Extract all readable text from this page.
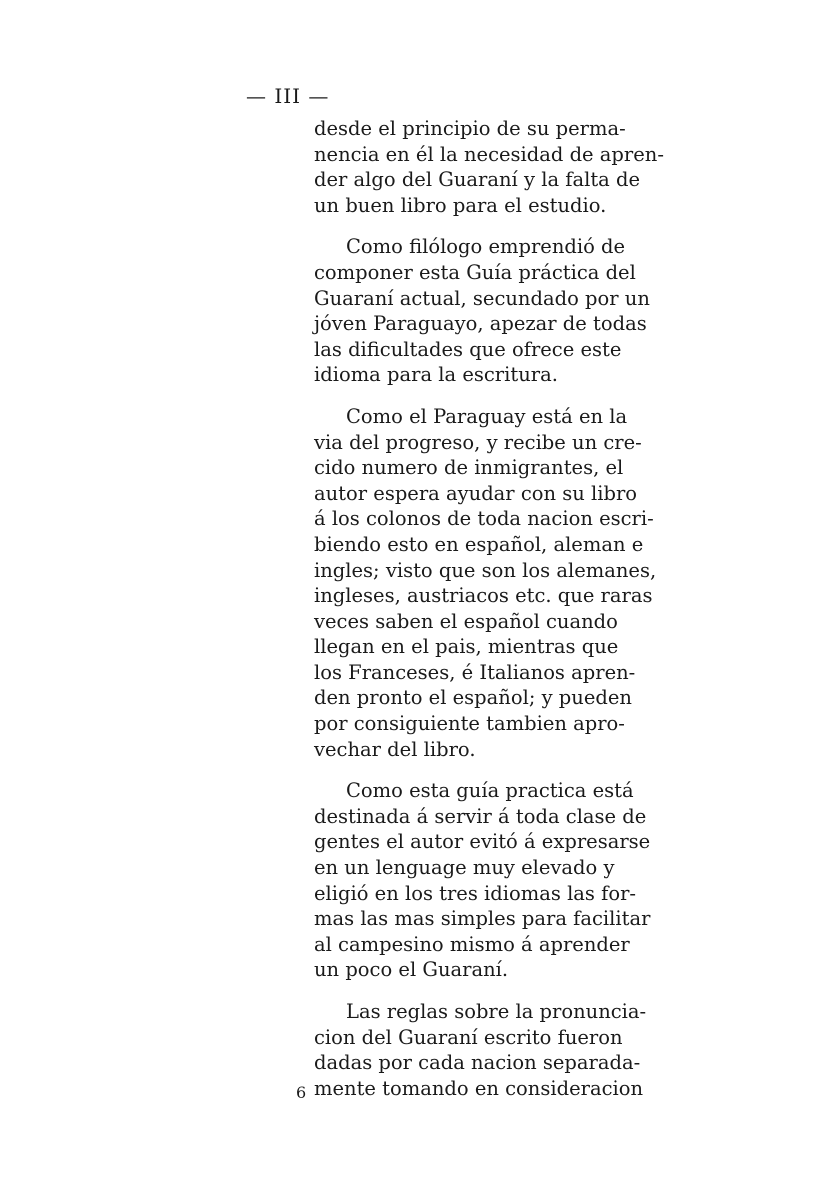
— III —

desde el principio de su perma-
nencia en él la necesidad de apren-
der algo del Guaraní y la falta de
un buen libro para el estudio.

Como filólogo emprendió de
componer esta Guía práctica del
Guaraní actual, secundado por un
jóven Paraguayo, apezar de todas
las dificultades que ofrece este
idioma para la escritura.

Como el Paraguay está en la
via del progreso, y recibe un cre-
cido numero de inmigrantes, el
autor espera ayudar con su libro
á los colonos de toda nacion escri-
biendo esto en español, aleman e
ingles; visto que son los alemanes,
ingleses, austriacos etc. que raras
veces saben el español cuando
llegan en el pais, mientras que
los Franceses, é Italianos apren-
den pronto el español; y pueden
por consiguiente tambien apro-
vechar del libro.

Como esta guía practica está
destinada á servir á toda clase de
gentes el autor evitó á expresarse
en un lenguage muy elevado y
eligió en los tres idiomas las for-
mas las mas simples para facilitar
al campesino mismo á aprender
un poco el Guaraní.

Las reglas sobre la pronuncia-
cion del Guaraní escrito fueron
dadas por cada nacion separada-
mente tomando en consideracion

6
